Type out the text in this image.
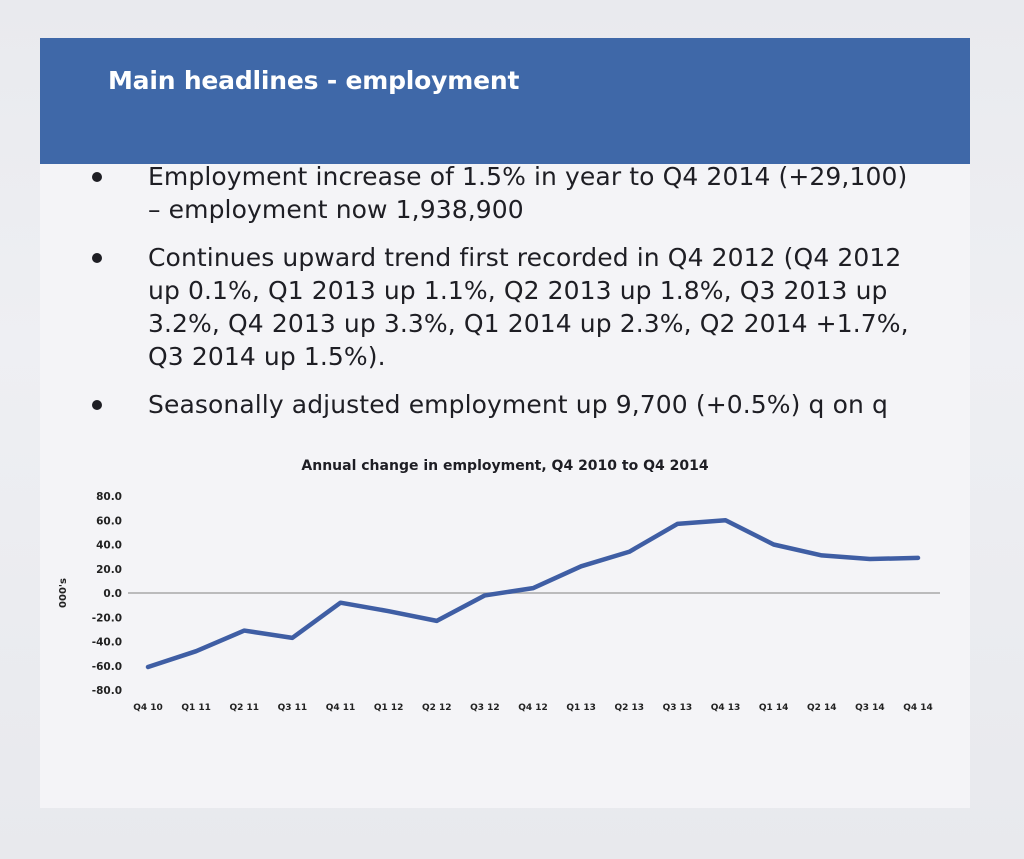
Main headlines - employment
Employment increase of 1.5% in year to Q4 2014 (+29,100) – employment now 1,938,900
Continues upward trend first recorded in Q4 2012 (Q4 2012 up 0.1%, Q1 2013 up 1.1%, Q2 2013 up 1.8%, Q3 2013 up 3.2%, Q4 2013 up 3.3%, Q1 2014 up 2.3%, Q2 2014 +1.7%, Q3 2014 up 1.5%).
Seasonally adjusted employment up 9,700 (+0.5%) q on q
Annual change in employment, Q4 2010 to Q4 2014
80.0
60.0
40.0
20.0
0.0
-20.0
-40.0
-60.0
-80.0
000's
Q4 10 Q1 11 Q2 11 Q3 11 Q4 11 Q1 12 Q2 12 Q3 12 Q4 12 Q1 13 Q2 13 Q3 13 Q4 13 Q1 14 Q2 14 Q3 14 Q4 14
